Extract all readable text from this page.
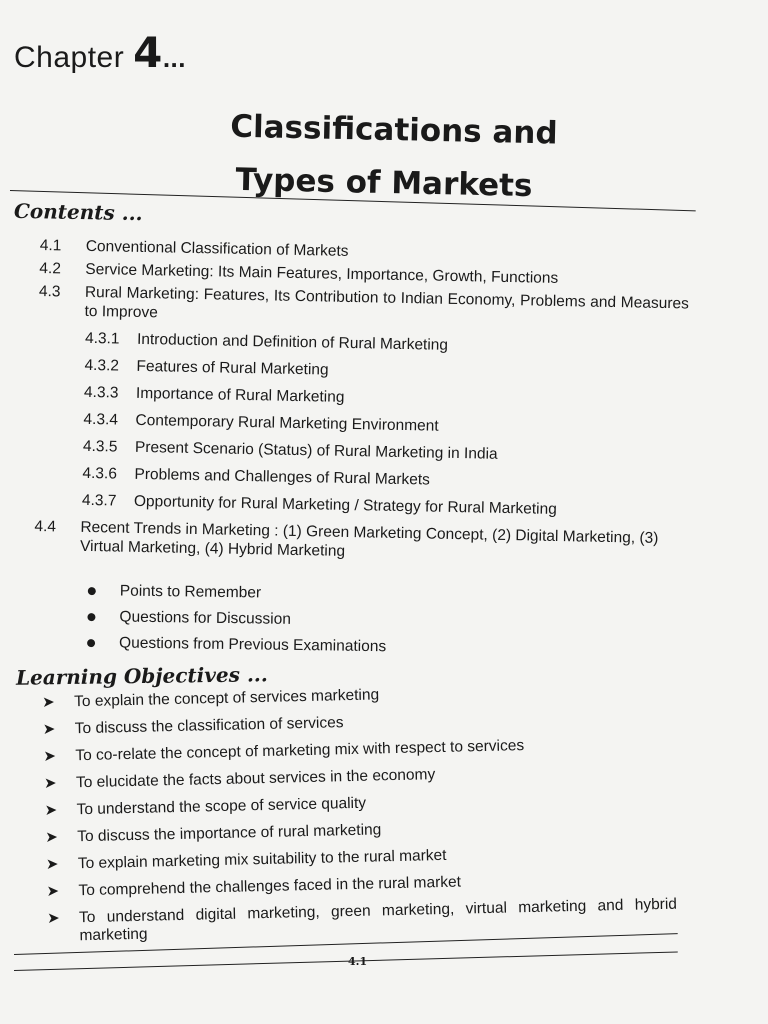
Chapter 4...
Classifications and
Types of Markets
Contents ...
4.1	Conventional Classification of Markets
4.2	Service Marketing: Its Main Features, Importance, Growth, Functions
4.3	Rural Marketing: Features, Its Contribution to Indian Economy, Problems and Measures to Improve
4.3.1	Introduction and Definition of Rural Marketing
4.3.2	Features of Rural Marketing
4.3.3	Importance of Rural Marketing
4.3.4	Contemporary Rural Marketing Environment
4.3.5	Present Scenario (Status) of Rural Marketing in India
4.3.6	Problems and Challenges of Rural Markets
4.3.7	Opportunity for Rural Marketing / Strategy for Rural Marketing
4.4	Recent Trends in Marketing : (1) Green Marketing Concept, (2) Digital Marketing, (3) Virtual Marketing, (4) Hybrid Marketing
Points to Remember
Questions for Discussion
Questions from Previous Examinations
Learning Objectives ...
➤	To explain the concept of services marketing
➤	To discuss the classification of services
➤	To co-relate the concept of marketing mix with respect to services
➤	To elucidate the facts about services in the economy
➤	To understand the scope of service quality
➤	To discuss the importance of rural marketing
➤	To explain marketing mix suitability to the rural market
➤	To comprehend the challenges faced in the rural market
➤	To understand digital marketing, green marketing, virtual marketing and hybrid marketing
4.1
